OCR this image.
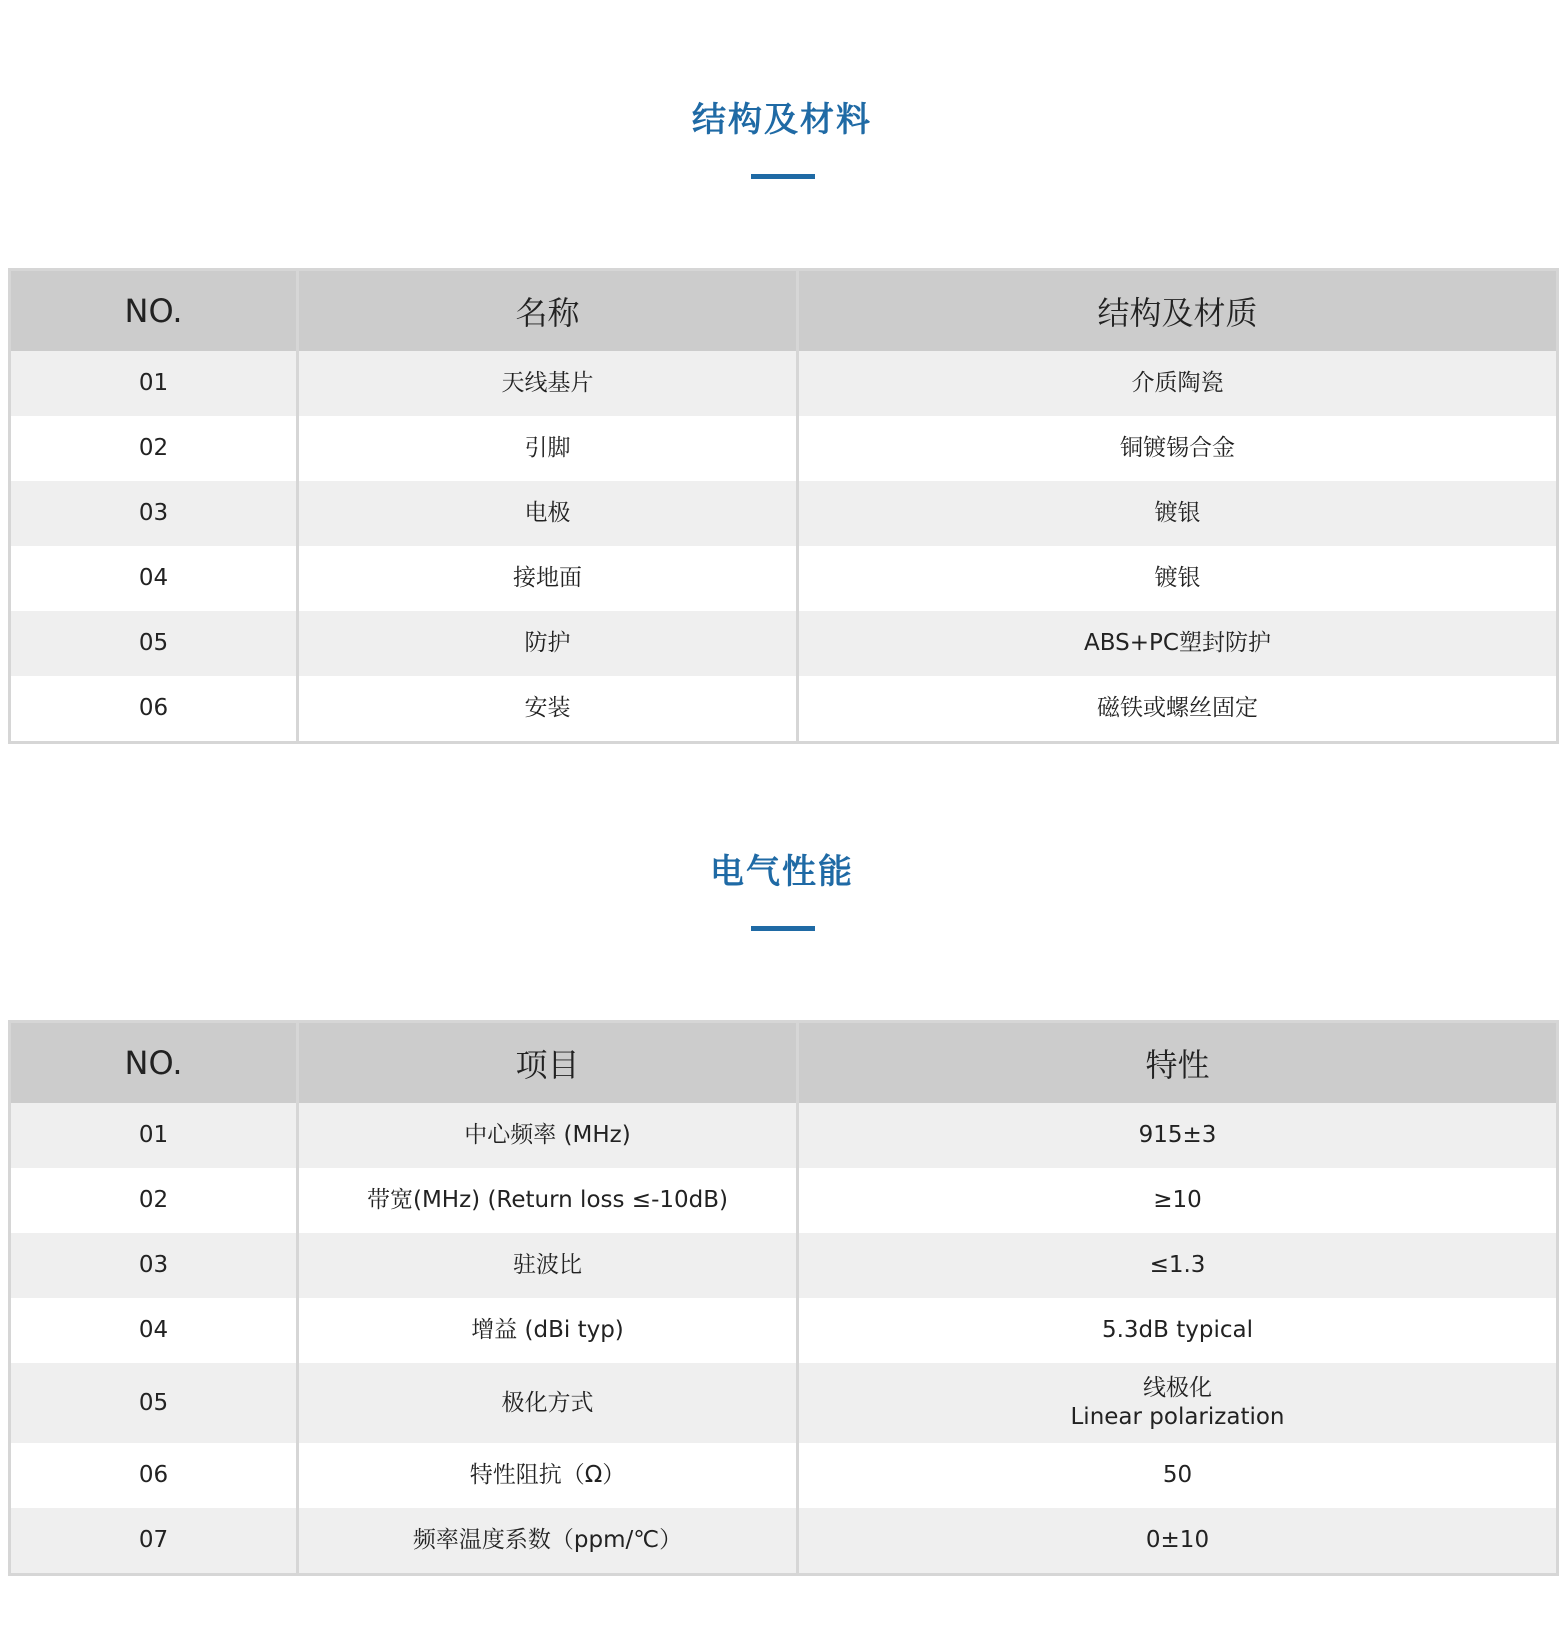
结构及材料
NO.	名称	结构及材质
01	天线基片	介质陶瓷
02	引脚	铜镀锡合金
03	电极	镀银
04	接地面	镀银
05	防护	ABS+PC塑封防护
06	安装	磁铁或螺丝固定
电气性能
NO.	项目	特性
01	中心频率 (MHz)	915±3
02	带宽(MHz) (Return loss ≤-10dB)	≥10
03	驻波比	≤1.3
04	增益 (dBi typ)	5.3dB typical
05	极化方式	线极化
Linear polarization

06	特性阻抗（Ω）	50
07	频率温度系数（ppm/℃）	0±10
